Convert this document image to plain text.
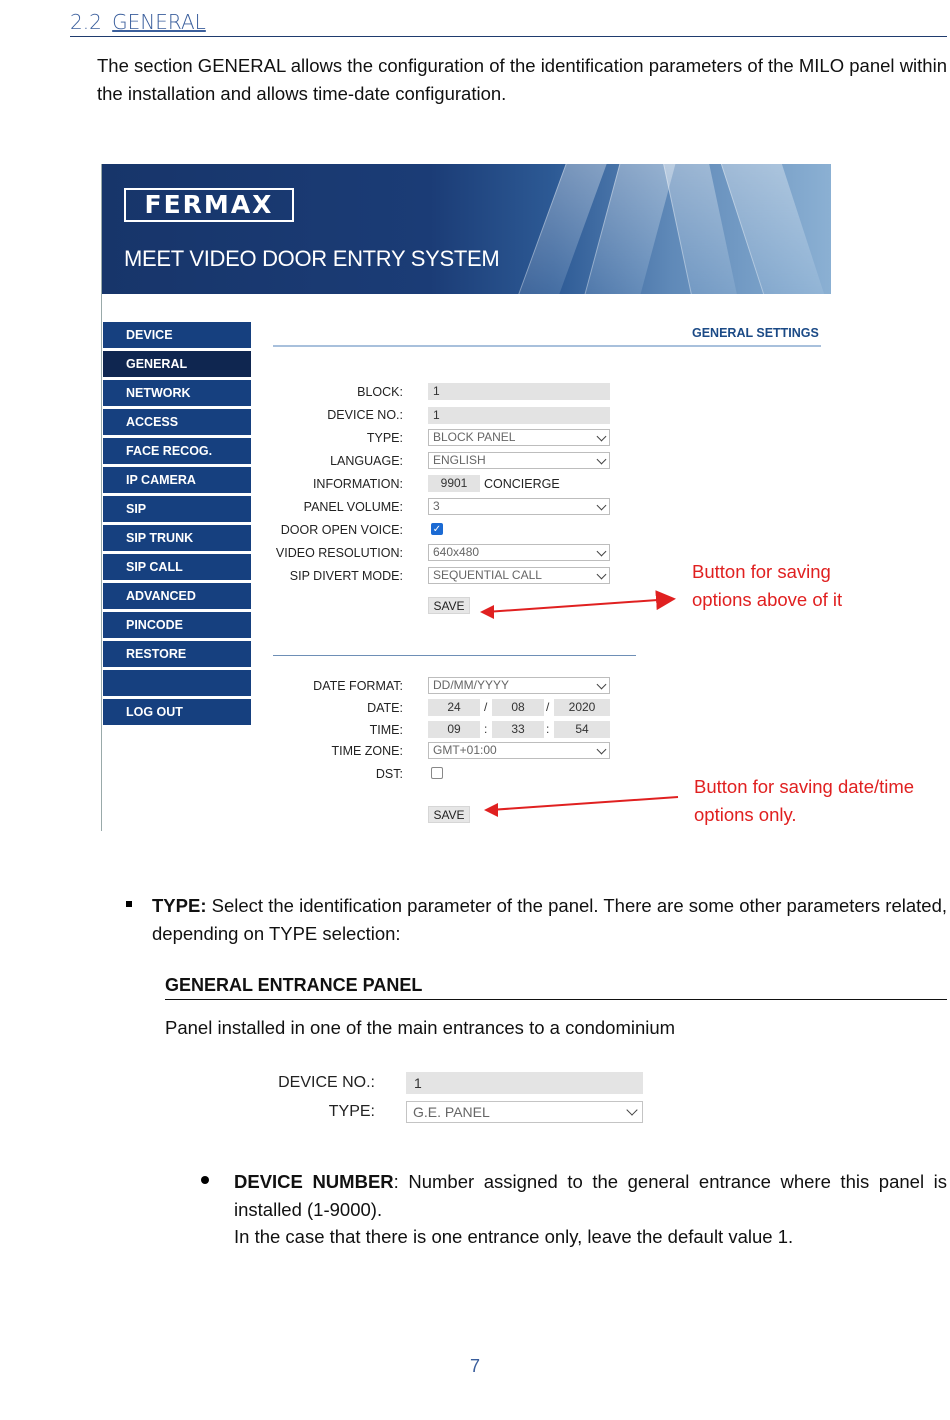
2.2 GENERAL
The section GENERAL allows the configuration of the identification parameters of the MILO panel within the installation and allows time-date configuration.
FERMAX
MEET VIDEO DOOR ENTRY SYSTEM
DEVICE
GENERAL
NETWORK
ACCESS
FACE RECOG.
IP CAMERA
SIP
SIP TRUNK
SIP CALL
ADVANCED
PINCODE
RESTORE
LOG OUT
GENERAL SETTINGS
BLOCK:	1
DEVICE NO.:	1
TYPE:	BLOCK PANEL
LANGUAGE:	ENGLISH
INFORMATION:	9901	CONCIERGE
PANEL VOLUME:	3
DOOR OPEN VOICE:	✓
VIDEO RESOLUTION:	640x480
SIP DIVERT MODE:	SEQUENTIAL CALL
SAVE
DATE FORMAT:	DD/MM/YYYY
DATE:	24	/	08	/	2020
TIME:	09	:	33	:	54
TIME ZONE:	GMT+01:00
DST:
SAVE
Button for saving
options above of it
Button for saving date/time
options only.
TYPE: Select the identification parameter of the panel. There are some other parameters related, depending on TYPE selection:
GENERAL ENTRANCE PANEL
Panel installed in one of the main entrances to a condominium
DEVICE NO.:	1
TYPE:	G.E. PANEL
DEVICE NUMBER: Number assigned to the general entrance where this panel is installed (1-9000).
In the case that there is one entrance only, leave the default value 1.
7
